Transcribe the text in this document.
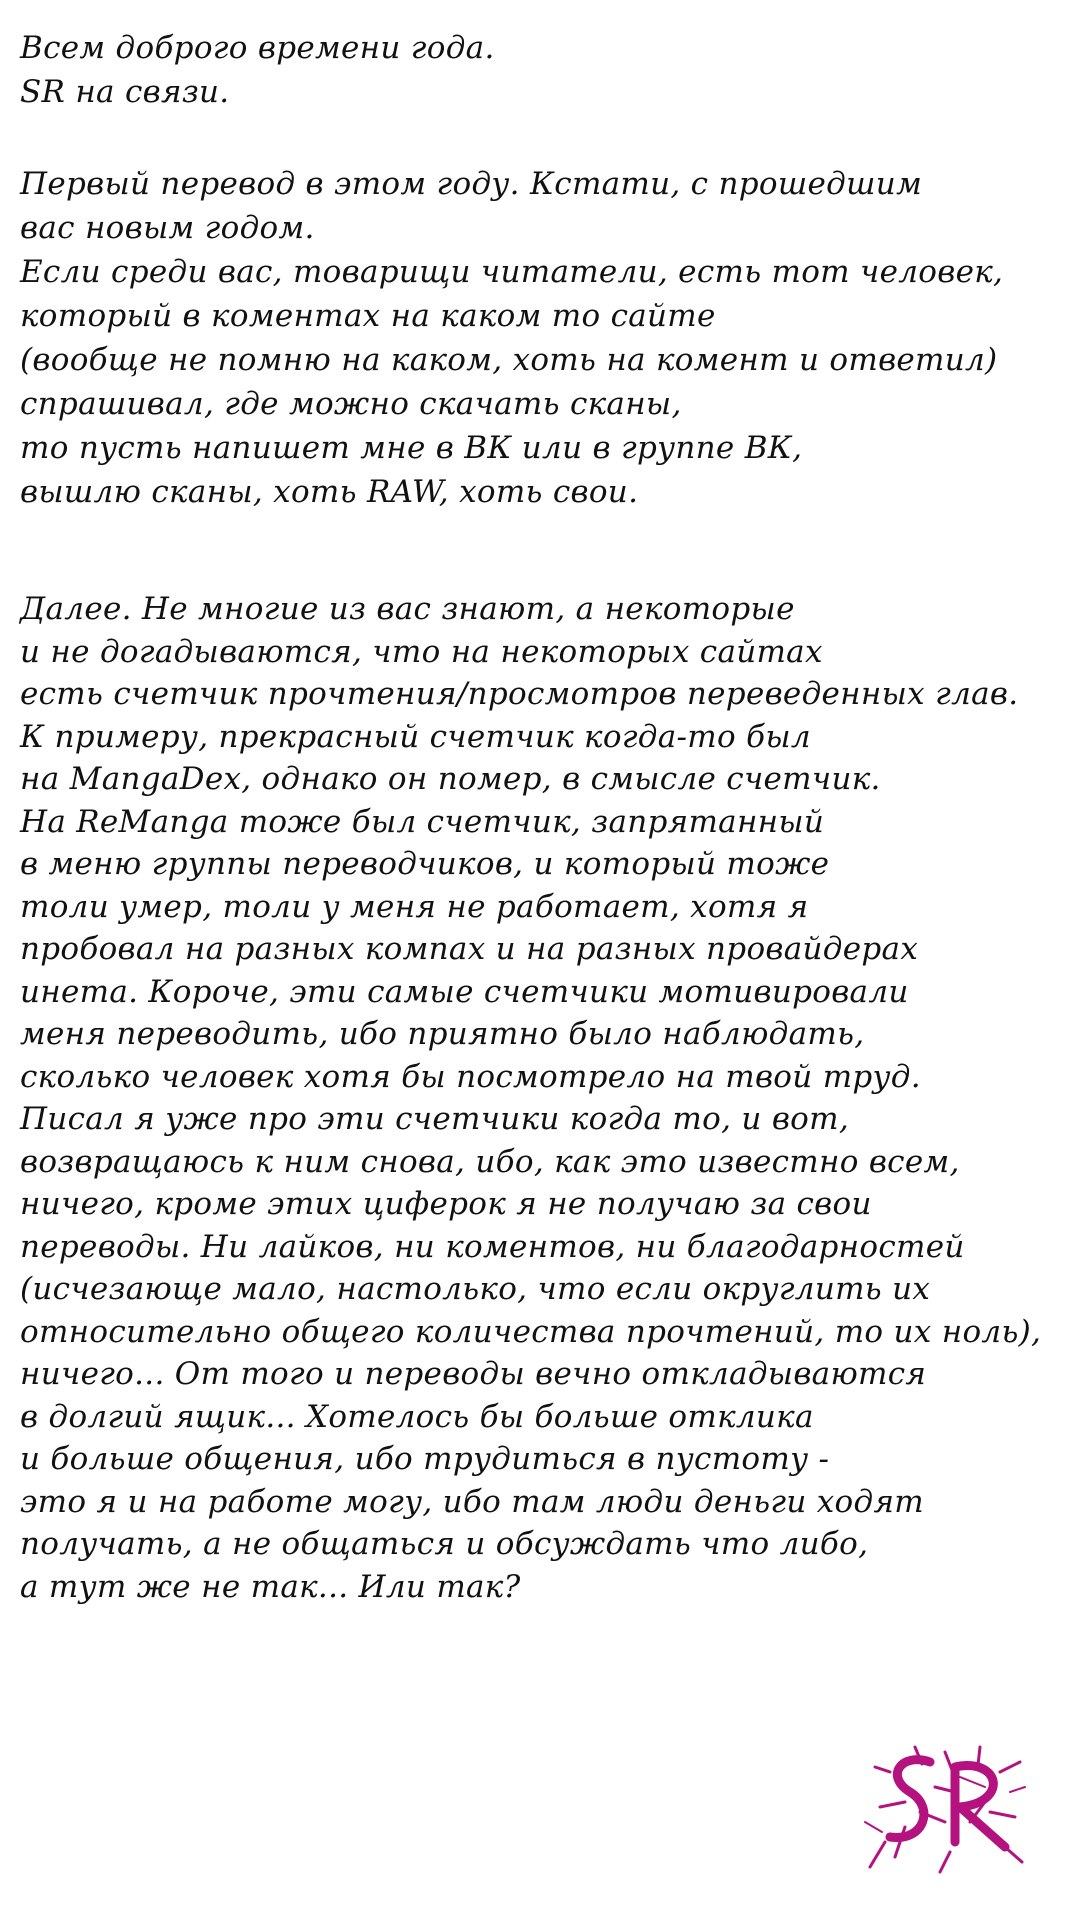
Всем доброго времени года.
SR на связи.
Первый перевод в этом году. Кстати, с прошедшим
вас новым годом.
Если среди вас, товарищи читатели, есть тот человек,
который в коментах на каком то сайте
(вообще не помню на каком, хоть на комент и ответил)
спрашивал, где можно скачать сканы,
то пусть напишет мне в ВК или в группе ВК,
вышлю сканы, хоть RAW, хоть свои.
Далее. Не многие из вас знают, а некоторые
и не догадываются, что на некоторых сайтах
есть счетчик прочтения/просмотров переведенных глав.
К примеру, прекрасный счетчик когда-то был
на MangaDex, однако он помер, в смысле счетчик.
На ReManga тоже был счетчик, запрятанный
в меню группы переводчиков, и который тоже
толи умер, толи у меня не работает, хотя я
пробовал на разных компах и на разных провайдерах
инета. Короче, эти самые счетчики мотивировали
меня переводить, ибо приятно было наблюдать,
сколько человек хотя бы посмотрело на твой труд.
Писал я уже про эти счетчики когда то, и вот,
возвращаюсь к ним снова, ибо, как это известно всем,
ничего, кроме этих циферок я не получаю за свои
переводы. Ни лайков, ни коментов, ни благодарностей
(исчезающе мало, настолько, что если округлить их
относительно общего количества прочтений, то их ноль),
ничего... От того и переводы вечно откладываются
в долгий ящик... Хотелось бы больше отклика
и больше общения, ибо трудиться в пустоту -
это я и на работе могу, ибо там люди деньги ходят
получать, а не общаться и обсуждать что либо,
а тут же не так... Или так?
